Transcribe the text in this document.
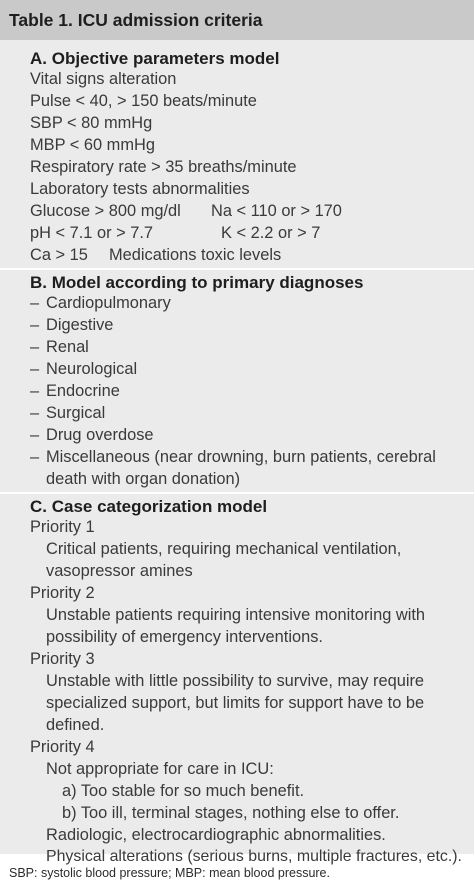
Table 1. ICU admission criteria
A. Objective parameters model
Vital signs alteration
Pulse < 40, > 150 beats/minute
SBP < 80 mmHg
MBP < 60 mmHg
Respiratory rate > 35 breaths/minute
Laboratory tests abnormalities
Glucose > 800 mg/dl Na < 110 or > 170
pH < 7.1 or > 7.7	K < 2.2 or > 7
Ca > 15 Medications toxic levels
B. Model according to primary diagnoses
– Cardiopulmonary
– Digestive
– Renal
– Neurological
– Endocrine
– Surgical
– Drug overdose
– Miscellaneous (near drowning, burn patients, cerebral
death with organ donation)
C. Case categorization model
Priority 1
Critical patients, requiring mechanical ventilation,
vasopressor amines
Priority 2
Unstable patients requiring intensive monitoring with
possibility of emergency interventions.
Priority 3
Unstable with little possibility to survive, may require
specialized support, but limits for support have to be
defined.
Priority 4
Not appropriate for care in ICU:
a) Too stable for so much benefit.
b) Too ill, terminal stages, nothing else to offer.
Radiologic, electrocardiographic abnormalities.
Physical alterations (serious burns, multiple fractures, etc.).
SBP: systolic blood pressure; MBP: mean blood pressure.
